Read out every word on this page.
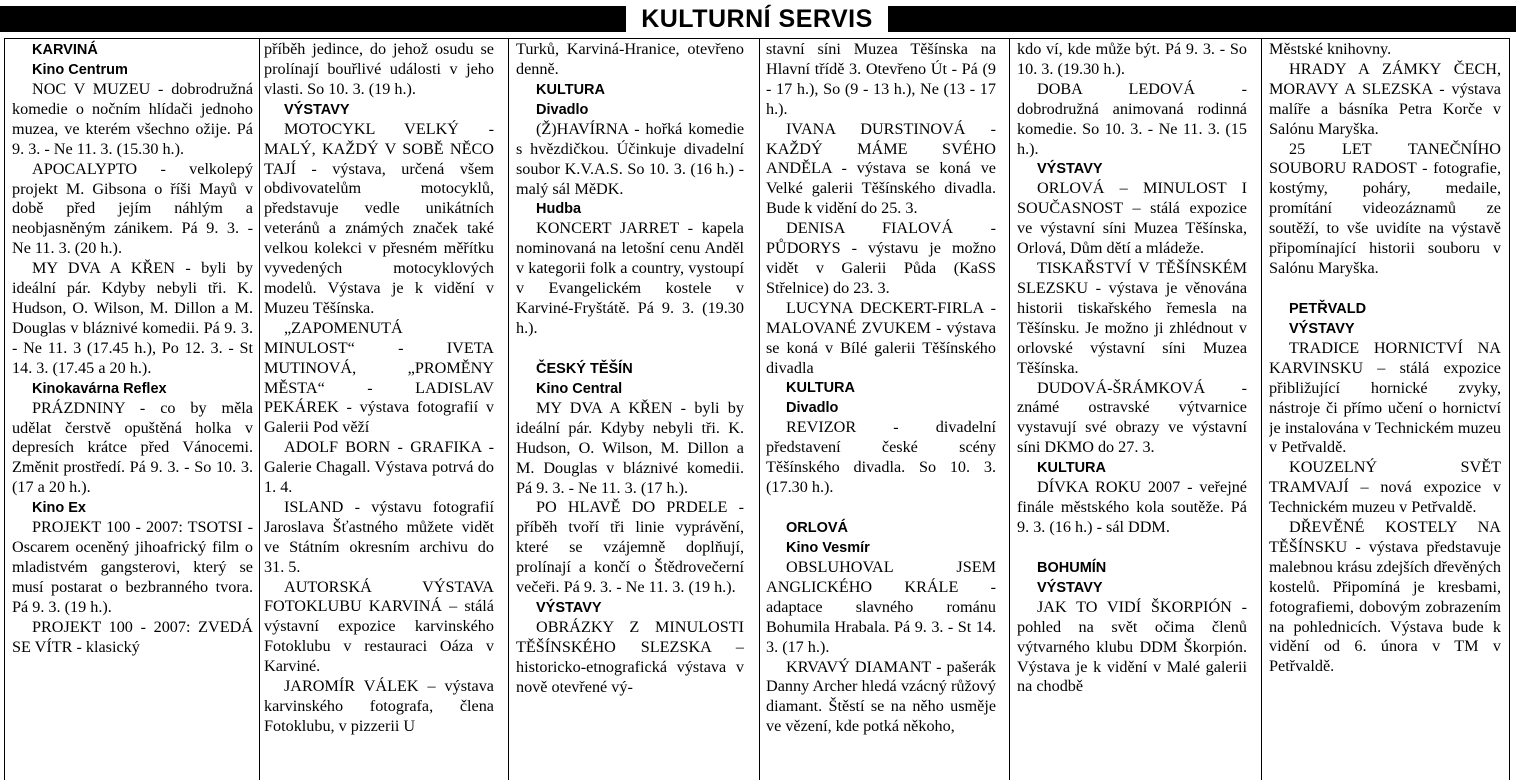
KULTURNÍ SERVIS
KARVINÁ
Kino Centrum
NOC V MUZEU - dobrodružná komedie o nočním hlídači jednoho muzea, ve kterém všechno ožije. Pá 9. 3. - Ne 11. 3. (15.30 h.).
APOCALYPTO - velkolepý projekt M. Gibsona o říši Mayů v době před jejím náhlým a neobjasněným zánikem. Pá 9. 3. - Ne 11. 3. (20 h.).
MY DVA A KŘEN - byli by ideální pár. Kdyby nebyli tři. K. Hudson, O. Wilson, M. Dillon a M. Douglas v bláznivé komedii. Pá 9. 3. - Ne 11. 3 (17.45 h.), Po 12. 3. - St 14. 3. (17.45 a 20 h.).
Kinokavárna Reflex
PRÁZDNINY - co by měla udělat čerstvě opuštěná holka v depresích krátce před Vánocemi. Změnit prostředí. Pá 9. 3. - So 10. 3. (17 a 20 h.).
Kino Ex
PROJEKT 100 - 2007: TSOTSI - Oscarem oceněný jihoafrický film o mladistvém gangsterovi, který se musí postarat o bezbranného tvora. Pá 9. 3. (19 h.).
PROJEKT 100 - 2007: ZVEDÁ SE VÍTR - klasický
příběh jedince, do jehož osudu se prolínají bouřlivé události v jeho vlasti. So 10. 3. (19 h.).
VÝSTAVY
MOTOCYKL VELKÝ - MALÝ, KAŽDÝ V SOBĚ NĚCO TAJÍ - výstava, určená všem obdivovatelům motocyklů, představuje vedle unikátních veteránů a známých značek také velkou kolekci v přesném měřítku vyvedených motocyklových modelů. Výstava je k vidění v Muzeu Těšínska.
„ZAPOMENUTÁ MINULOST“ - IVETA MUTINOVÁ, „PROMĚNY MĚSTA“ - LADISLAV PEKÁREK - výstava fotografií v Galerii Pod věží
ADOLF BORN - GRAFIKA - Galerie Chagall. Výstava potrvá do 1. 4.
ISLAND - výstavu fotografií Jaroslava Šťastného můžete vidět ve Státním okresním archivu do 31. 5.
AUTORSKÁ VÝSTAVA FOTOKLUBU KARVINÁ – stálá výstavní expozice karvinského Fotoklubu v restauraci Oáza v Karviné.
JAROMÍR VÁLEK – výstava karvinského fotografa, člena Fotoklubu, v pizzerii U
Turků, Karviná-Hranice, otevřeno denně.
KULTURA
Divadlo
(Ž)HAVÍRNA - hořká komedie s hvězdičkou. Účinkuje divadelní soubor K.V.A.S. So 10. 3. (16 h.) - malý sál MěDK.
Hudba
KONCERT JARRET - kapela nominovaná na letošní cenu Anděl v kategorii folk a country, vystoupí v Evangelickém kostele v Karviné-Fryštátě. Pá 9. 3. (19.30 h.).
ČESKÝ TĚŠÍN
Kino Central
MY DVA A KŘEN - byli by ideální pár. Kdyby nebyli tři. K. Hudson, O. Wilson, M. Dillon a M. Douglas v bláznivé komedii. Pá 9. 3. - Ne 11. 3. (17 h.).
PO HLAVĚ DO PRDELE - příběh tvoří tři linie vyprávění, které se vzájemně doplňují, prolínají a končí o Štědrovečerní večeři. Pá 9. 3. - Ne 11. 3. (19 h.).
VÝSTAVY
OBRÁZKY Z MINULOSTI TĚŠÍNSKÉHO SLEZSKA – historicko-etnografická výstava v nově otevřené vý-
stavní síni Muzea Těšínska na Hlavní třídě 3. Otevřeno Út - Pá (9 - 17 h.), So (9 - 13 h.), Ne (13 - 17 h.).
IVANA DURSTINOVÁ - KAŽDÝ MÁME SVÉHO ANDĚLA - výstava se koná ve Velké galerii Těšínského divadla. Bude k vidění do 25. 3.
DENISA FIALOVÁ - PŮDORYS - výstavu je možno vidět v Galerii Půda (KaSS Střelnice) do 23. 3.
LUCYNA DECKERT-FIRLA - MALOVANÉ ZVUKEM - výstava se koná v Bílé galerii Těšínského divadla
KULTURA
Divadlo
REVIZOR - divadelní představení české scény Těšínského divadla. So 10. 3. (17.30 h.).
ORLOVÁ
Kino Vesmír
OBSLUHOVAL JSEM ANGLICKÉHO KRÁLE - adaptace slavného románu Bohumila Hrabala. Pá 9. 3. - St 14. 3. (17 h.).
KRVAVÝ DIAMANT - pašerák Danny Archer hledá vzácný růžový diamant. Štěstí se na něho usměje ve vězení, kde potká někoho,
kdo ví, kde může být. Pá 9. 3. - So 10. 3. (19.30 h.).
DOBA LEDOVÁ - dobrodružná animovaná rodinná komedie. So 10. 3. - Ne 11. 3. (15 h.).
VÝSTAVY
ORLOVÁ – MINULOST I SOUČASNOST – stálá expozice ve výstavní síni Muzea Těšínska, Orlová, Dům dětí a mládeže.
TISKAŘSTVÍ V TĚŠÍNSKÉM SLEZSKU - výstava je věnována historii tiskařského řemesla na Těšínsku. Je možno ji zhlédnout v orlovské výstavní síni Muzea Těšínska.
DUDOVÁ-ŠRÁMKOVÁ - známé ostravské výtvarnice vystavují své obrazy ve výstavní síni DKMO do 27. 3.
KULTURA
DÍVKA ROKU 2007 - veřejné finále městského kola soutěže. Pá 9. 3. (16 h.) - sál DDM.
BOHUMÍN
VÝSTAVY
JAK TO VIDÍ ŠKORPIÓN - pohled na svět očima členů výtvarného klubu DDM Škorpión. Výstava je k vidění v Malé galerii na chodbě
Městské knihovny.
HRADY A ZÁMKY ČECH, MORAVY A SLEZSKA - výstava malíře a básníka Petra Korče v Salónu Maryška.
25 LET TANEČNÍHO SOUBORU RADOST - fotografie, kostýmy, poháry, medaile, promítání videozáznamů ze soutěží, to vše uvidíte na výstavě připomínající historii souboru v Salónu Maryška.
PETŘVALD
VÝSTAVY
TRADICE HORNICTVÍ NA KARVINSKU – stálá expozice přibližující hornické zvyky, nástroje či přímo učení o hornictví je instalována v Technickém muzeu v Petřvaldě.
KOUZELNÝ SVĚT TRAMVAJÍ – nová expozice v Technickém muzeu v Petřvaldě.
DŘEVĚNÉ KOSTELY NA TĚŠÍNSKU - výstava představuje malebnou krásu zdejších dřevěných kostelů. Připomíná je kresbami, fotografiemi, dobovým zobrazením na pohlednicích. Výstava bude k vidění od 6. února v TM v Petřvaldě.
